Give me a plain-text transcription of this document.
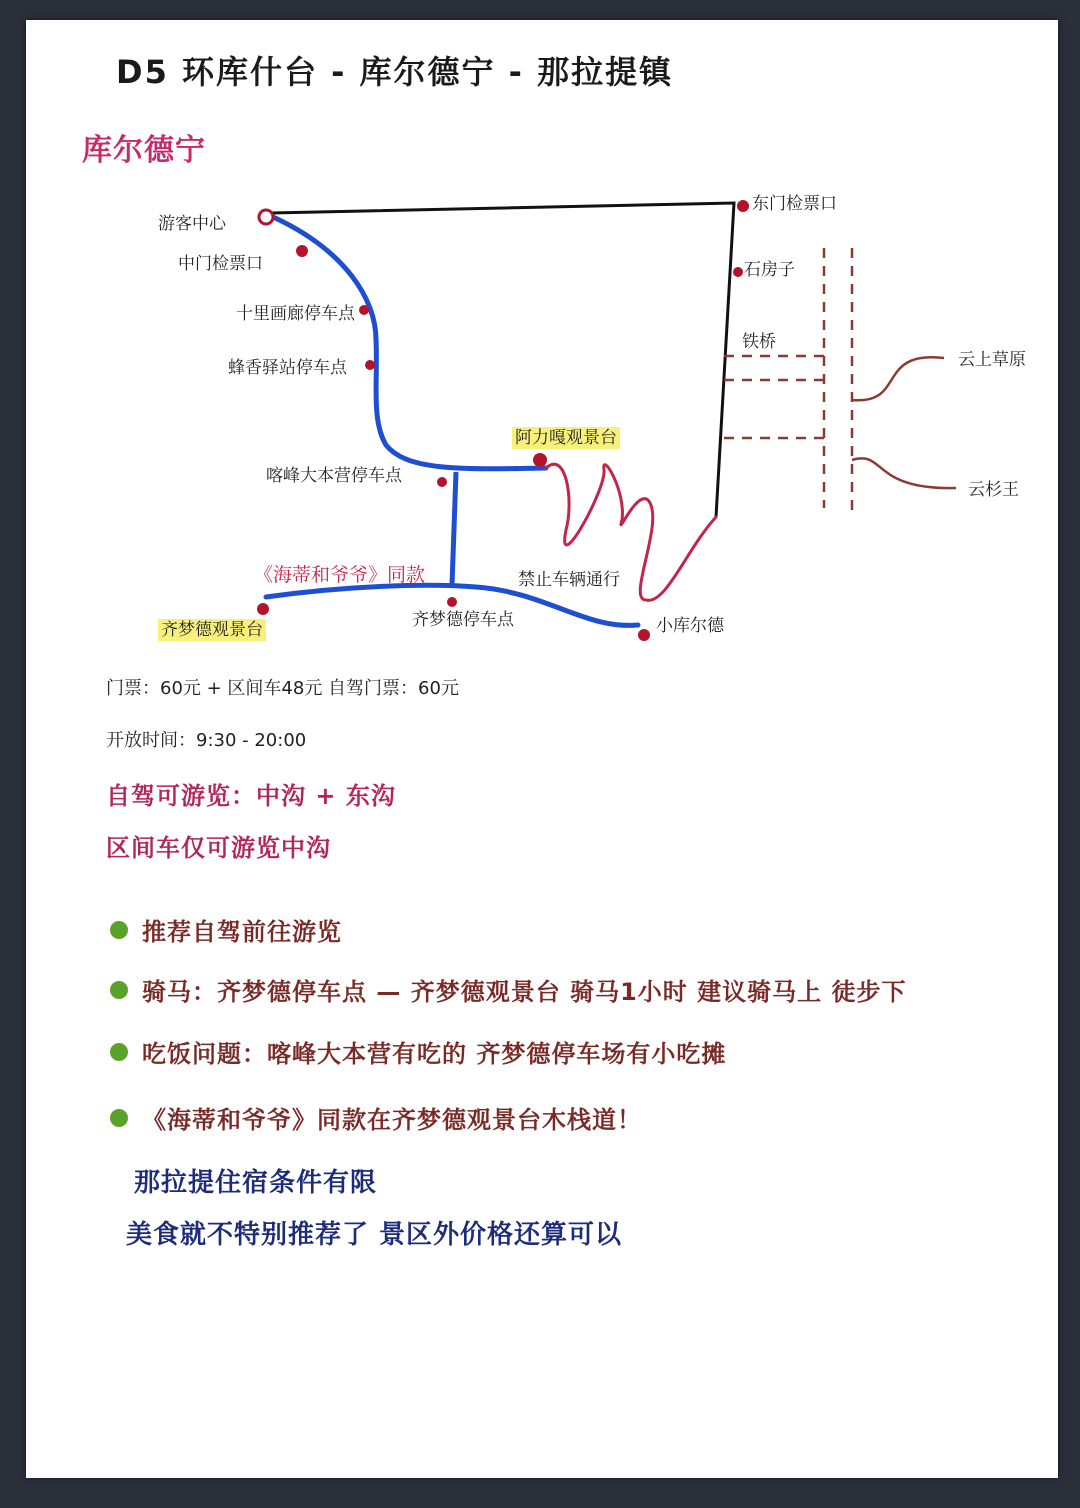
D5 环库什台 - 库尔德宁 - 那拉提镇
库尔德宁
游客中心
中门检票口
十里画廊停车点
蜂香驿站停车点
喀峰大本营停车点
阿力嘎观景台
《海蒂和爷爷》同款
齐梦德观景台	齐梦德停车点
禁止车辆通行
小库尔德
东门检票口
石房子
铁桥
云上草原
云杉王
门票：60元 + 区间车48元 自驾门票：60元
开放时间：9:30 - 20:00
自驾可游览：中沟 + 东沟
区间车仅可游览中沟
推荐自驾前往游览
骑马：齐梦德停车点 — 齐梦德观景台 骑马1小时 建议骑马上 徒步下
吃饭问题：喀峰大本营有吃的 齐梦德停车场有小吃摊
《海蒂和爷爷》同款在齐梦德观景台木栈道！
那拉提住宿条件有限
美食就不特别推荐了 景区外价格还算可以
